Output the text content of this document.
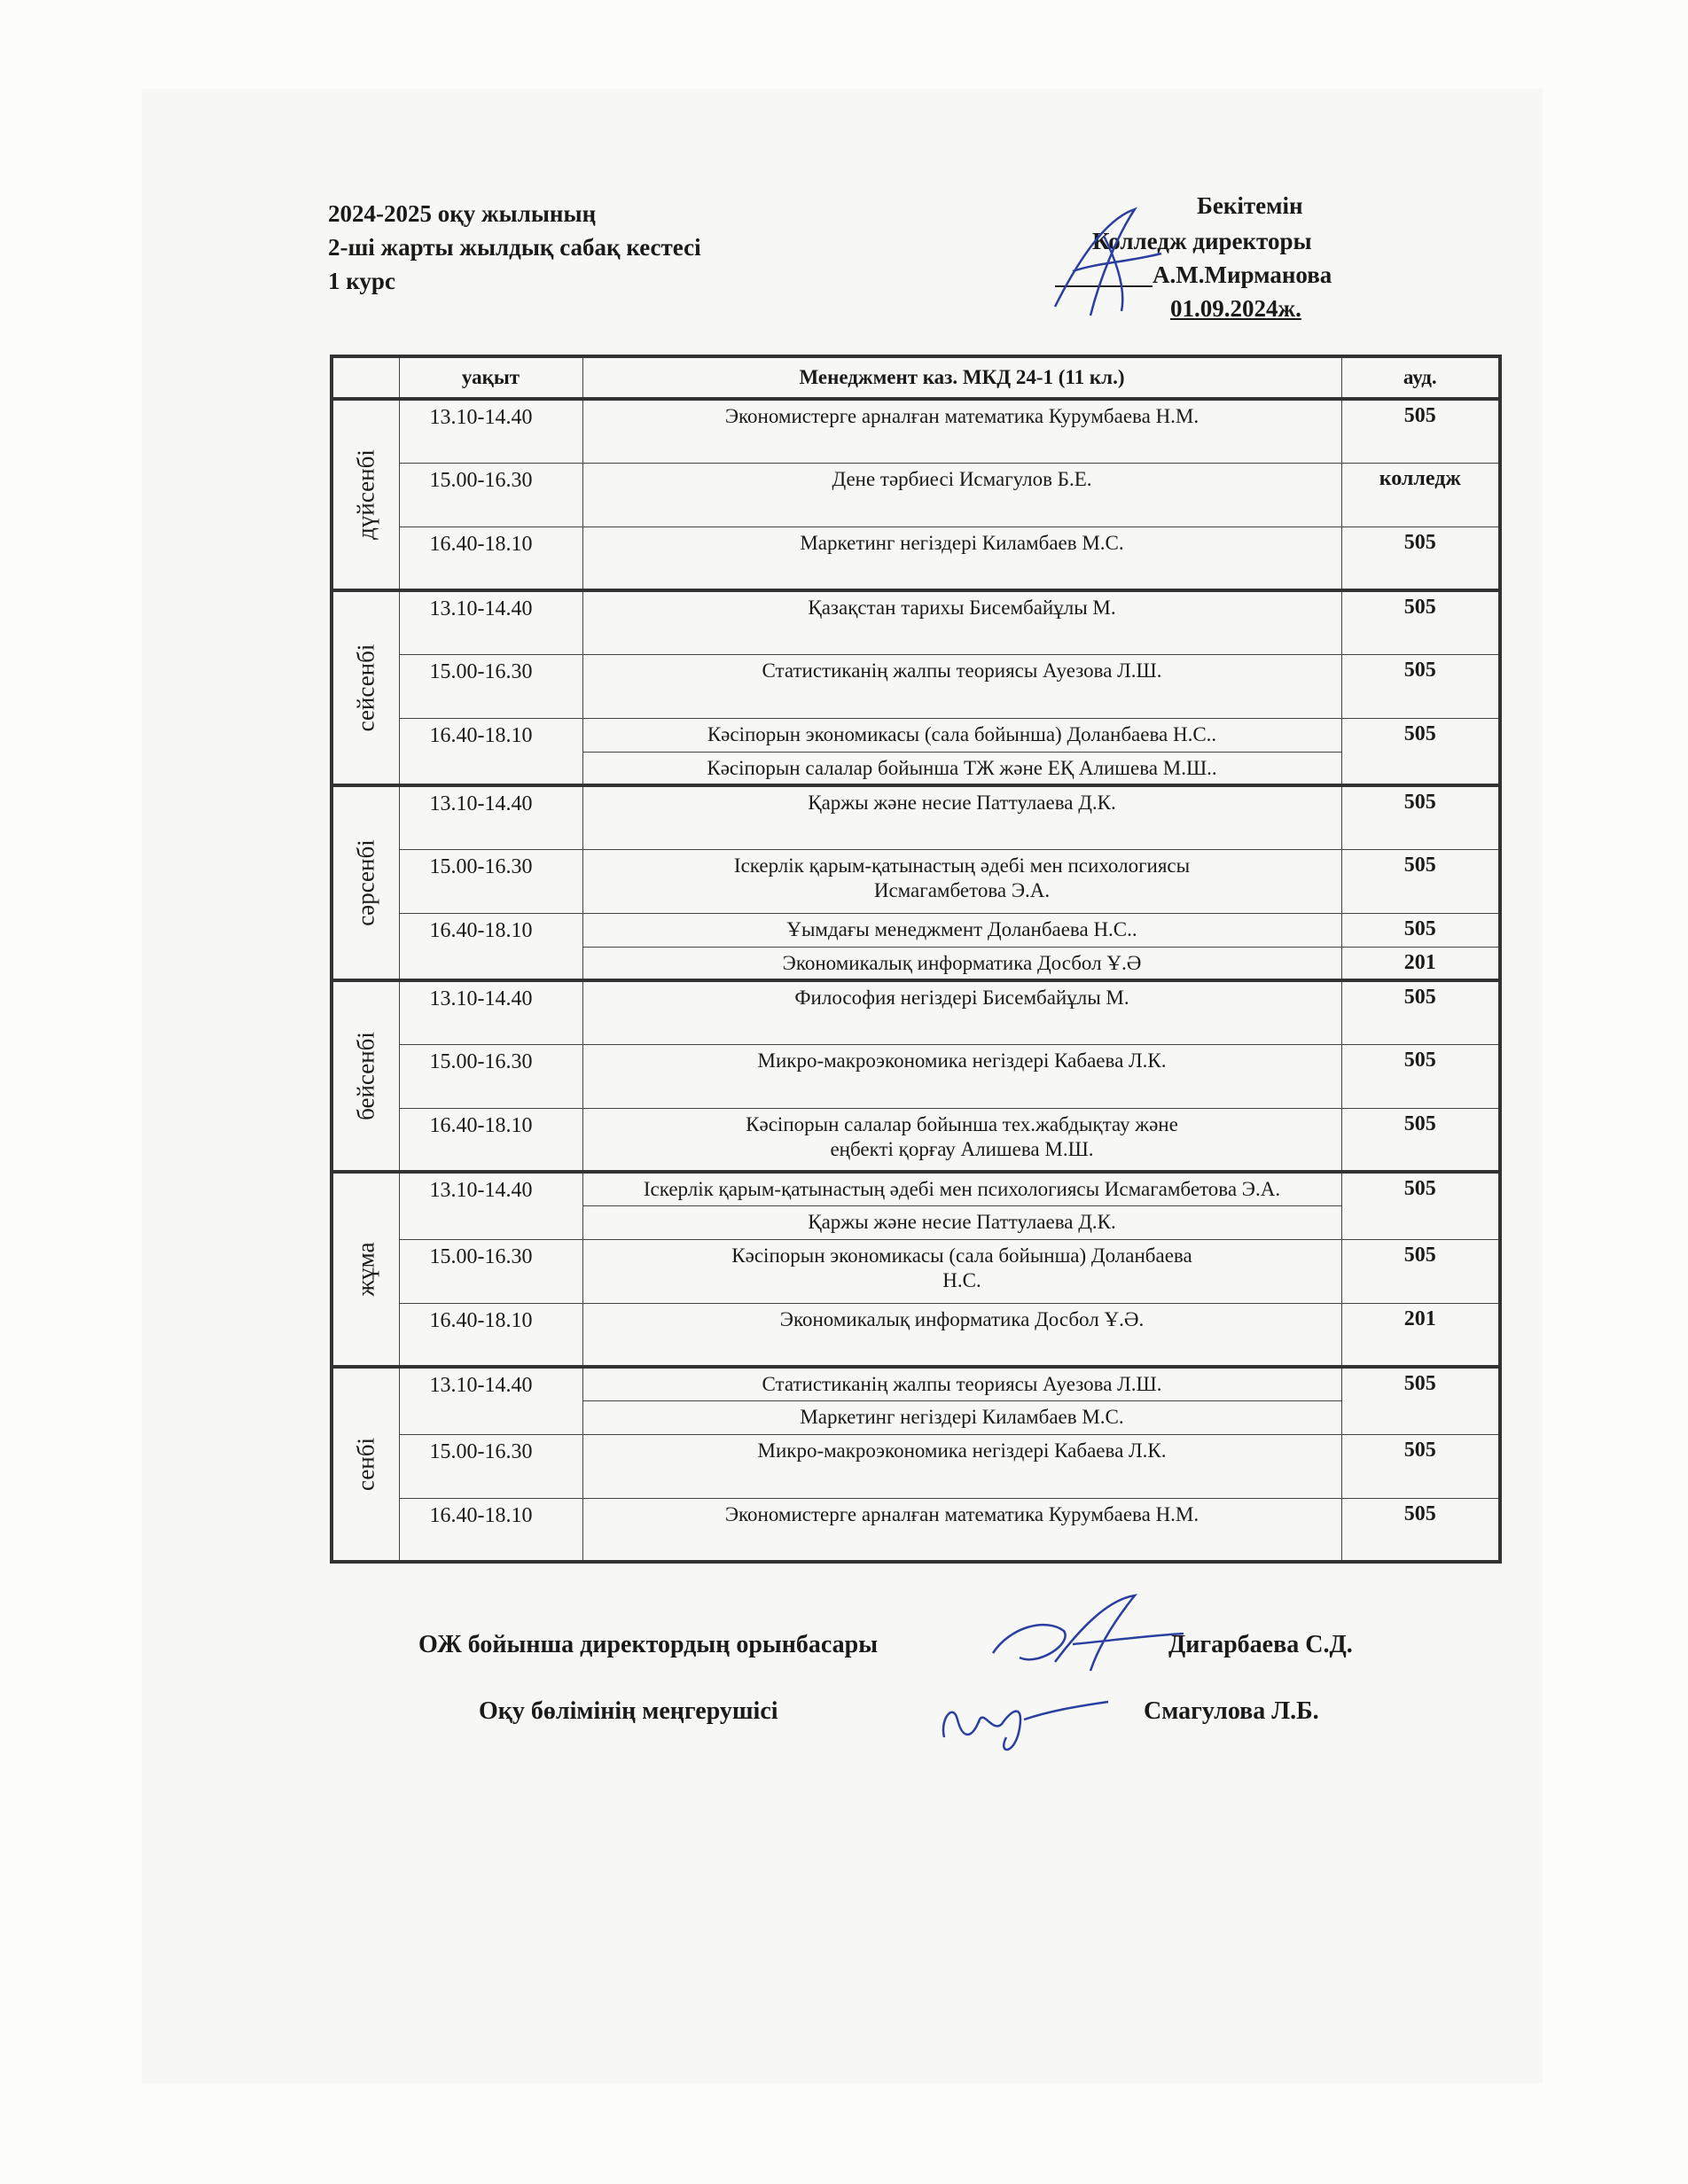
2024-2025 оқу жылының
2-ші жарты жылдық сабақ кестесі
1 курс
Бекітемін
Колледж директоры
А.М.Мирманова
01.09.2024ж.
	уақыт	Менеджмент каз. МКД 24-1 (11 кл.)	ауд.

дүйсенбі	13.10-14.40	Экономистерге арналған математика Курумбаева Н.М.	505
	15.00-16.30	Дене тәрбиесі Исмагулов Б.Е.	колледж
	16.40-18.10	Маркетинг негіздері Киламбаев М.С.	505

сейсенбі	13.10-14.40	Қазақстан тарихы Бисембайұлы М.	505
	15.00-16.30	Статистиканің жалпы теориясы Ауезова Л.Ш.	505
	16.40-18.10	Кәсіпорын экономикасы (сала бойынша) Доланбаева Н.С..	505
		Кәсіпорын салалар бойынша ТЖ және ЕҚ Алишева М.Ш..	

сәрсенбі	13.10-14.40	Қаржы және несие Паттулаева Д.К.	505
	15.00-16.30	Іскерлік қарым-қатынастың әдебі мен психологиясы Исмагамбетова Э.А.	505
	16.40-18.10	Ұымдағы менеджмент Доланбаева Н.С..	505
		Экономикалық информатика Досбол Ұ.Ә	201

бейсенбі	13.10-14.40	Философия негіздері Бисембайұлы М.	505
	15.00-16.30	Микро-макроэкономика негіздері Кабаева Л.К.	505
	16.40-18.10	Кәсіпорын салалар бойынша тех.жабдықтау және еңбекті қорғау Алишева М.Ш.	505

жұма	13.10-14.40	Іскерлік қарым-қатынастың әдебі мен психологиясы Исмагамбетова Э.А.	505
		Қаржы және несие Паттулаева Д.К.	
	15.00-16.30	Кәсіпорын экономикасы (сала бойынша) Доланбаева Н.С.	505
	16.40-18.10	Экономикалық информатика Досбол Ұ.Ә.	201

сенбі	13.10-14.40	Статистиканің жалпы теориясы Ауезова Л.Ш.	505
		Маркетинг негіздері Киламбаев М.С.	
	15.00-16.30	Микро-макроэкономика негіздері Кабаева Л.К.	505
	16.40-18.10	Экономистерге арналған математика Курумбаева Н.М.	505
ОЖ бойынша директордың орынбасары	Дигарбаева С.Д.
Оқу бөлімінің меңгерушісі	Смагулова Л.Б.
